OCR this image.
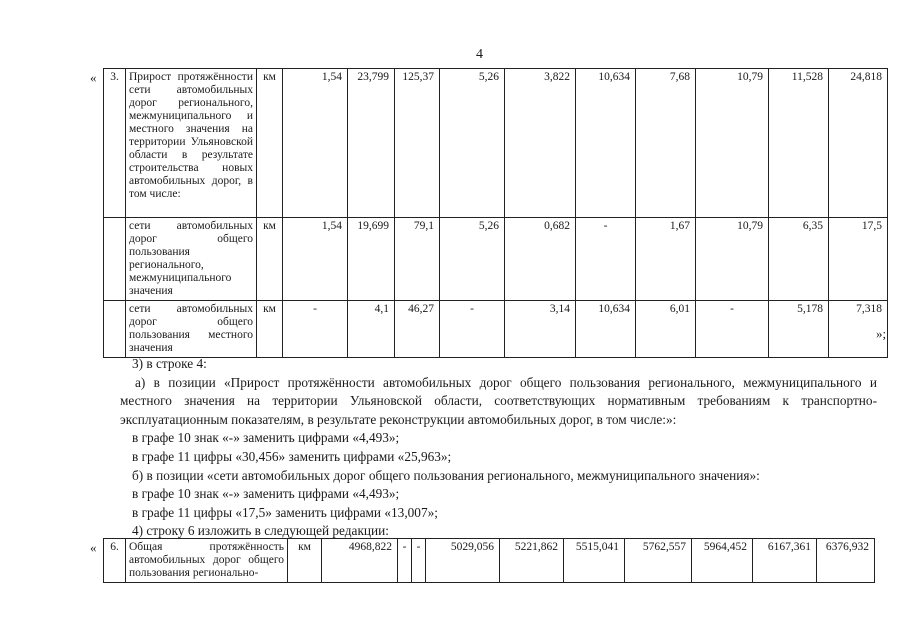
4
« 3.	Прирост протяжённости сети автомобильных дорог регионального, межмуниципального и местного значения на территории Ульяновской области в результате строительства новых автомобильных дорог, в том числе:	км	1,54	23,799	125,37	5,26	3,822	10,634	7,68	10,79	11,528	24,818
	сети автомобильных дорог общего пользования регионального, межмуниципального значения	км	1,54	19,699	79,1	5,26	0,682	-	1,67	10,79	6,35	17,5
	сети автомобильных дорог общего пользования местного значения	км	-	4,1	46,27	-	3,14	10,634	6,01	-	5,178	7,318
»;

3) в строке 4:

а) в позиции «Прирост протяжённости автомобильных дорог общего пользования регионального, межмуниципального и местного значения на территории Ульяновской области, соответствующих нормативным требованиям к транспортно-эксплуатационным показателям, в результате реконструкции автомобильных дорог, в том числе:»:

в графе 10 знак «-» заменить цифрами «4,493»;

в графе 11 цифры «30,456» заменить цифрами «25,963»;

б) в позиции «сети автомобильных дорог общего пользования регионального, межмуниципального значения»:

в графе 10 знак «-» заменить цифрами «4,493»;

в графе 11 цифры «17,5» заменить цифрами «13,007»;

4) строку 6 изложить в следующей редакции:

« 6.	Общая протяжённость автомобильных дорог общего пользования регионально-	км	4968,822	-	-	5029,056	5221,862	5515,041	5762,557	5964,452	6167,361	6376,932
